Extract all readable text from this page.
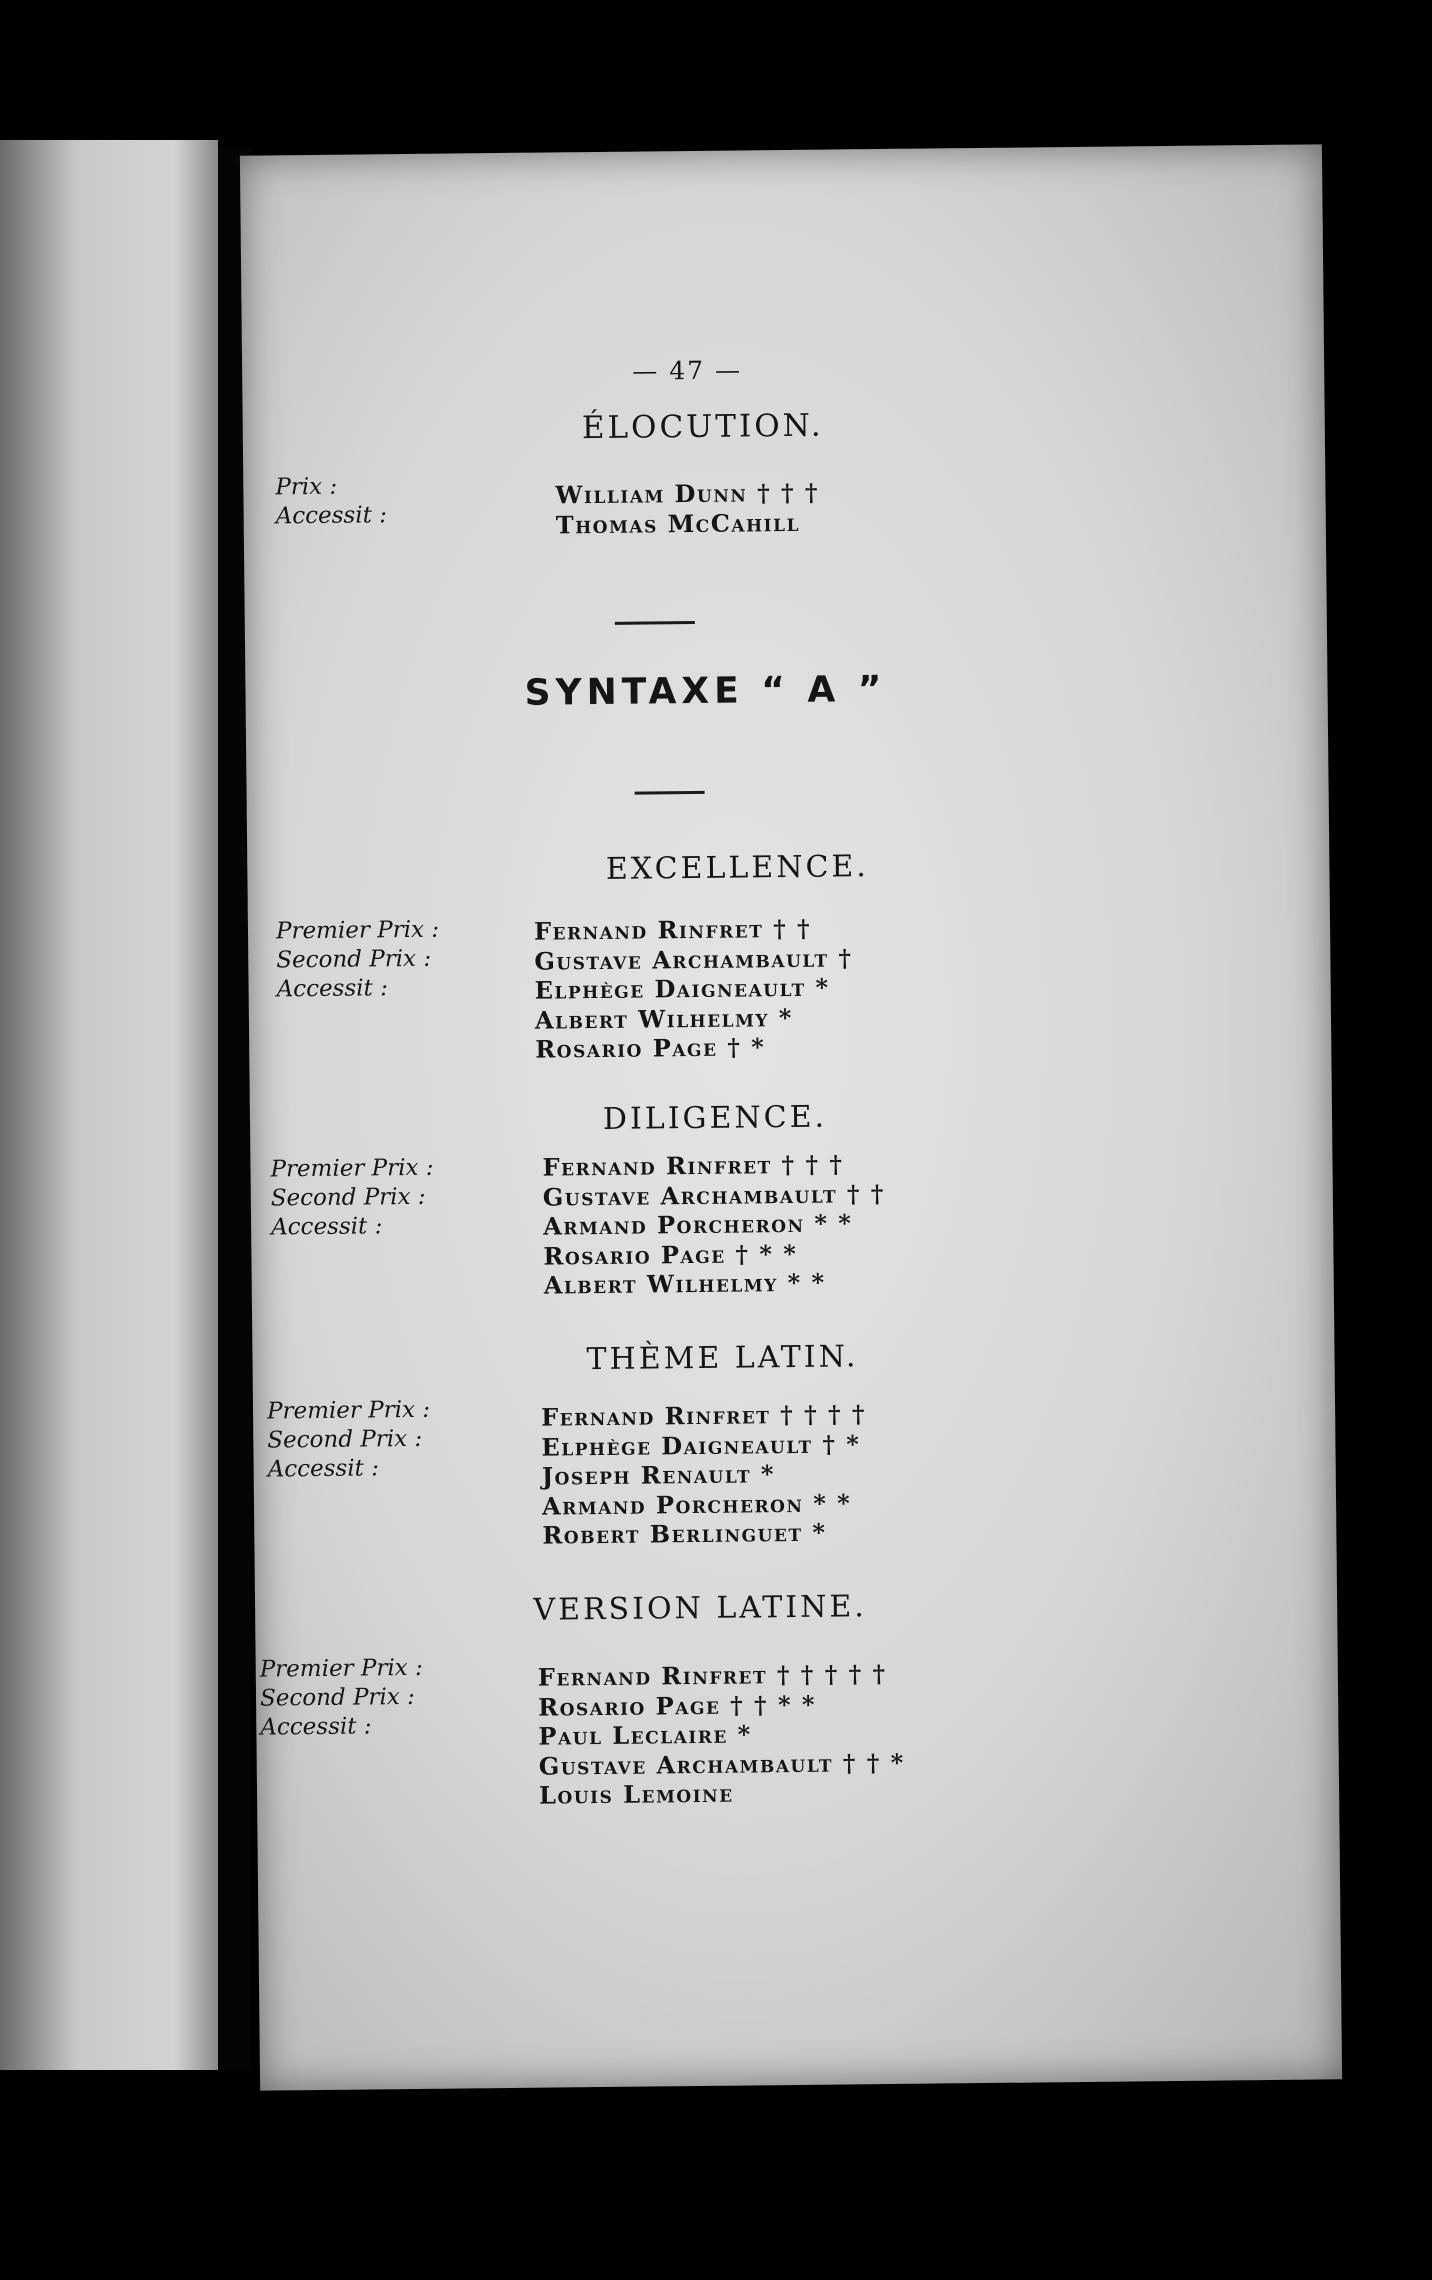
— 47 —
ÉLOCUTION.
Prix :
Accessit :
William Dunn † † †
Thomas McCahill
SYNTAXE “ A ”
EXCELLENCE.
Premier Prix :
Second Prix :
Accessit :
Fernand Rinfret † †
Gustave Archambault †
Elphège Daigneault *
Albert Wilhelmy *
Rosario Page † *
DILIGENCE.
Premier Prix :
Second Prix :
Accessit :
Fernand Rinfret † † †
Gustave Archambault † †
Armand Porcheron * *
Rosario Page † * *
Albert Wilhelmy * *
THÈME LATIN.
Premier Prix :
Second Prix :
Accessit :
Fernand Rinfret † † † †
Elphège Daigneault † *
Joseph Renault *
Armand Porcheron * *
Robert Berlinguet *
VERSION LATINE.
Premier Prix :
Second Prix :
Accessit :
Fernand Rinfret † † † † †
Rosario Page † † * *
Paul Leclaire *
Gustave Archambault † † *
Louis Lemoine
